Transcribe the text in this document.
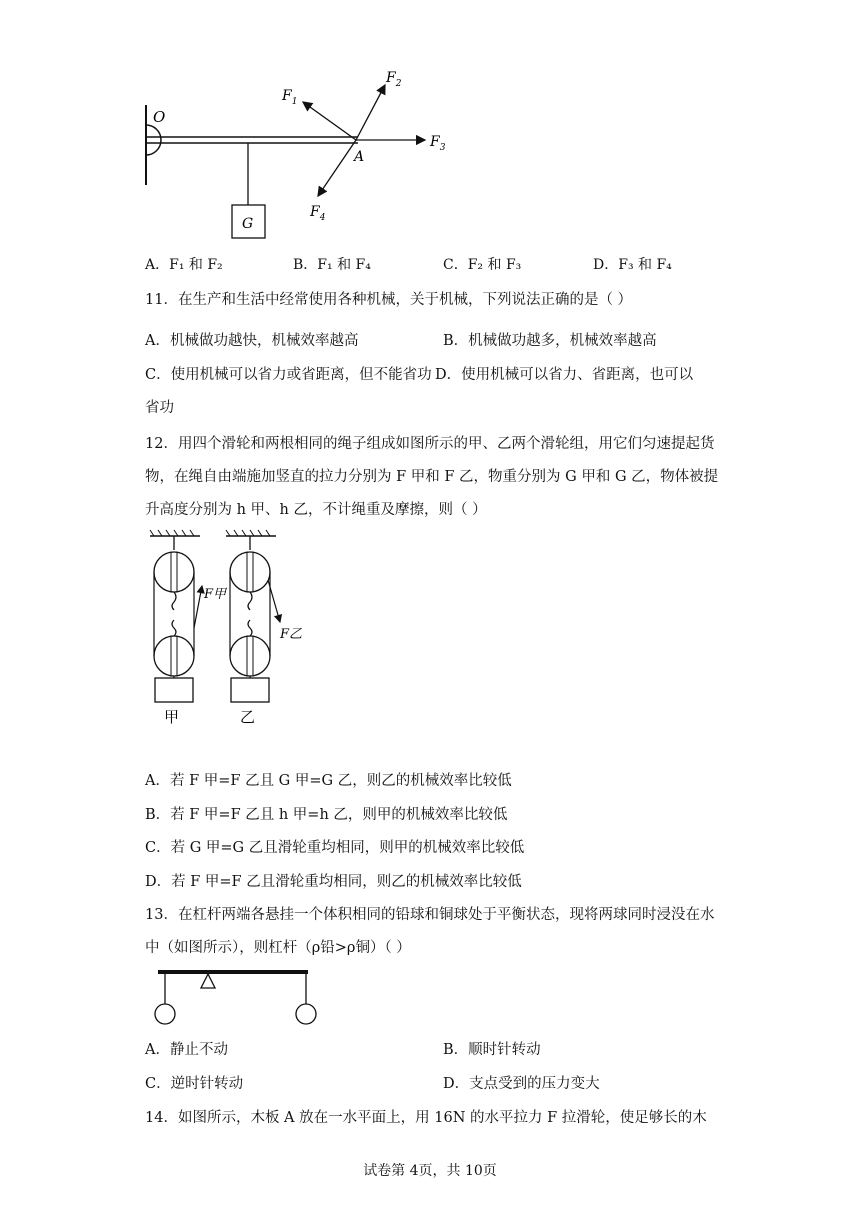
O
A
G
$F_1$
$F_2$
$F_3$
$F_4$
A．F₁ 和 F₂	B．F₁ 和 F₄	C．F₂ 和 F₃	D．F₃ 和 F₄
11．在生产和生活中经常使用各种机械，关于机械，下列说法正确的是（ ）
A．机械做功越快，机械效率越高	B．机械做功越多，机械效率越高
C．使用机械可以省力或省距离，但不能省功 D．使用机械可以省力、省距离，也可以
省功
12．用四个滑轮和两根相同的绳子组成如图所示的甲、乙两个滑轮组，用它们匀速提起货物，在绳自由端施加竖直的拉力分别为 F 甲和 F 乙，物重分别为 G 甲和 G 乙，物体被提升高度分别为 h 甲、h 乙，不计绳重及摩擦，则（ ）
F甲
F乙
甲	乙
A．若 F 甲=F 乙且 G 甲=G 乙，则乙的机械效率比较低
B．若 F 甲=F 乙且 h 甲=h 乙，则甲的机械效率比较低
C．若 G 甲=G 乙且滑轮重均相同，则甲的机械效率比较低
D．若 F 甲=F 乙且滑轮重均相同，则乙的机械效率比较低
13．在杠杆两端各悬挂一个体积相同的铅球和铜球处于平衡状态，现将两球同时浸没在水中（如图所示），则杠杆（ρ铅>ρ铜）（ ）
A．静止不动	B．顺时针转动
C．逆时针转动	D．支点受到的压力变大
14．如图所示，木板 A 放在一水平面上，用 16N 的水平拉力 F 拉滑轮，使足够长的木
试卷第 4页，共 10页
